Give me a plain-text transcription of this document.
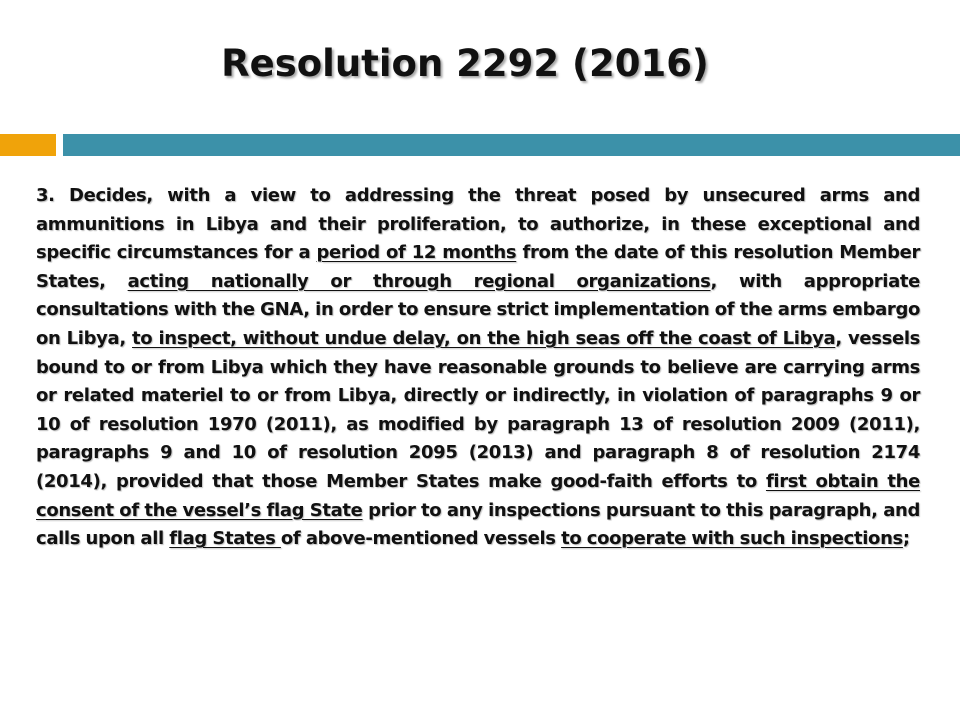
Resolution 2292 (2016)
3. Decides, with a view to addressing the threat posed by unsecured arms and ammunitions in Libya and their proliferation, to authorize, in these exceptional and specific circumstances for a period of 12 months from the date of this resolution Member States, acting nationally or through regional organizations, with appropriate consultations with the GNA, in order to ensure strict implementation of the arms embargo on Libya, to inspect, without undue delay, on the high seas off the coast of Libya, vessels bound to or from Libya which they have reasonable grounds to believe are carrying arms or related materiel to or from Libya, directly or indirectly, in violation of paragraphs 9 or 10 of resolution 1970 (2011), as modified by paragraph 13 of resolution 2009 (2011), paragraphs 9 and 10 of resolution 2095 (2013) and paragraph 8 of resolution 2174 (2014), provided that those Member States make good-faith efforts to first obtain the consent of the vessel’s flag State prior to any inspections pursuant to this paragraph, and calls upon all flag States of above-mentioned vessels to cooperate with such inspections;
